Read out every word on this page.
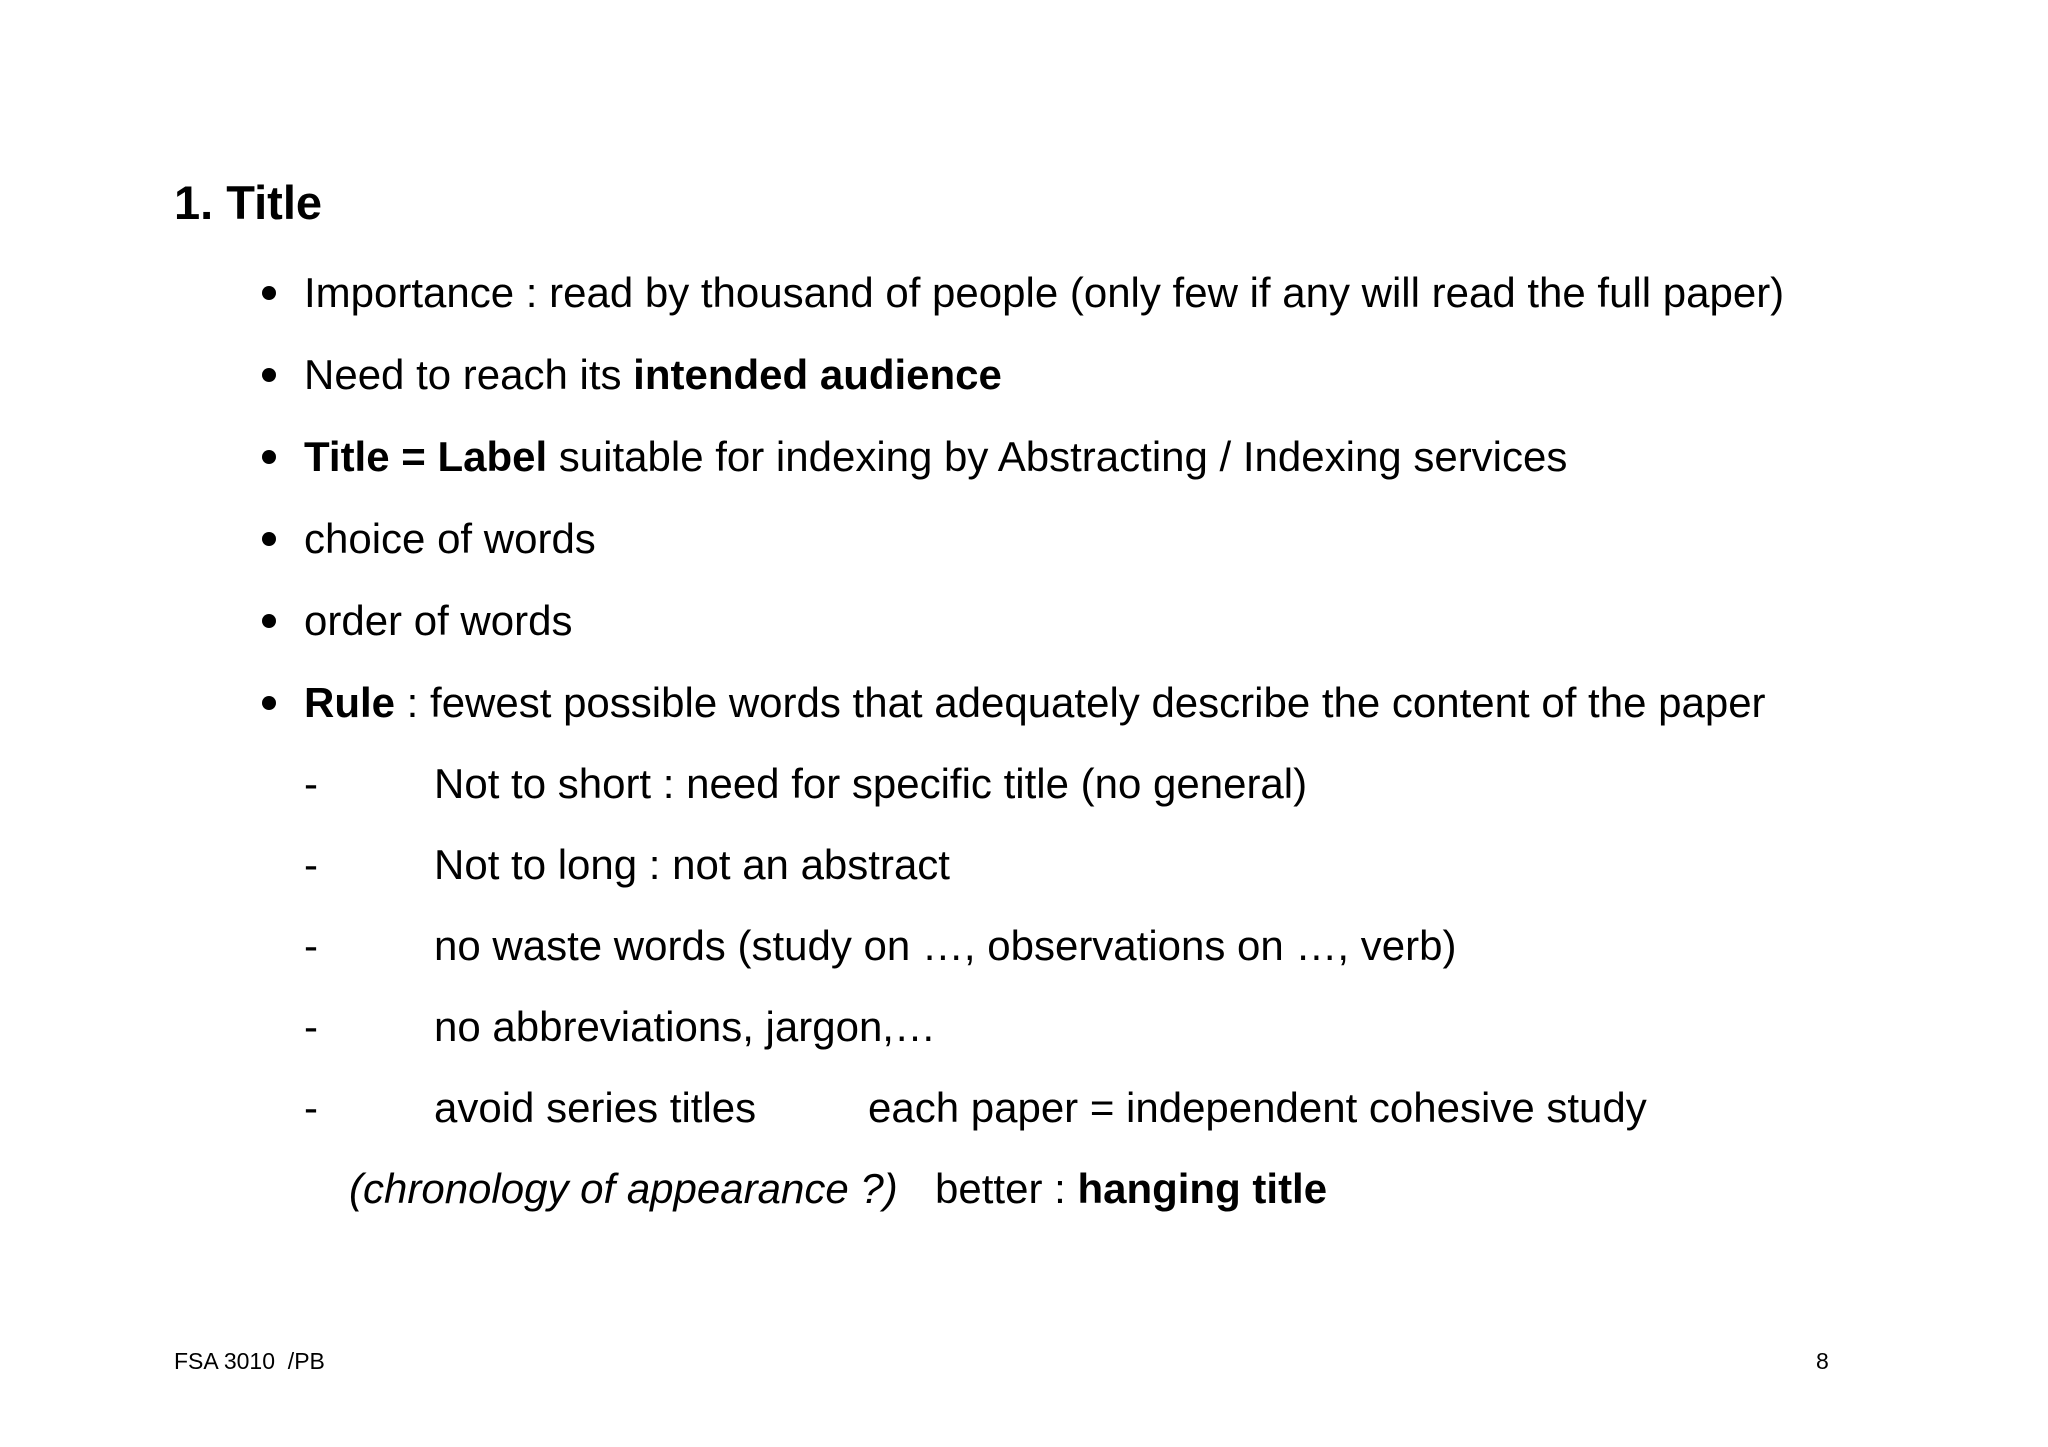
1. Title
Importance : read by thousand of people (only few if any will read the full paper)
Need to reach its intended audience
Title = Label suitable for indexing by Abstracting / Indexing services
choice of words
order of words
Rule : fewest possible words that adequately describe the content of the paper
-	Not to short : need for specific title (no general)
-	Not to long : not an abstract
-	no waste words (study on …, observations on …, verb)
-	no abbreviations, jargon,…
-	avoid series titles	each paper = independent cohesive study
(chronology of appearance ?) better : hanging title
FSA 3010  /PB	8
